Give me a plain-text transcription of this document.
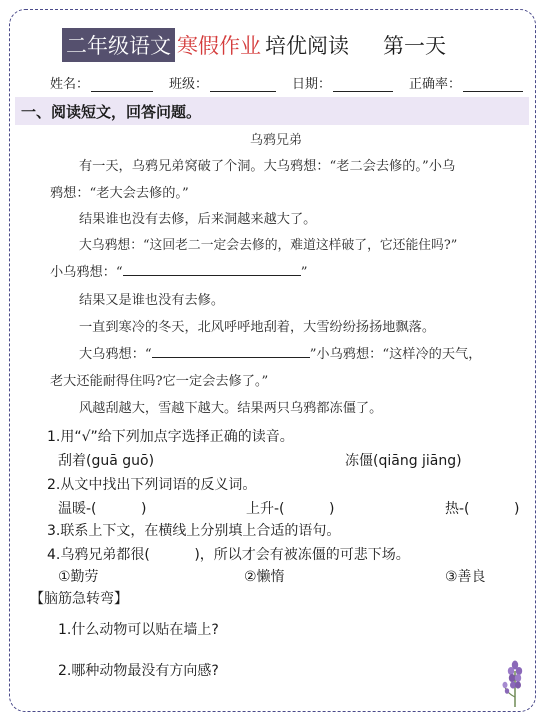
二年级语文 寒假作业 培优阅读 第一天
姓名：	班级：	日期：	正确率：
一、阅读短文，回答问题。
乌鸦兄弟
有一天，乌鸦兄弟窝破了个洞。大乌鸦想：“老二会去修的。”小乌
鸦想：“老大会去修的。”
结果谁也没有去修，后来洞越来越大了。
大乌鸦想：“这回老二一定会去修的，难道这样破了，它还能住吗?”
小乌鸦想：“	”
结果又是谁也没有去修。
一直到寒冷的冬天，北风呼呼地刮着，大雪纷纷扬扬地飘落。
大乌鸦想：“	”小乌鸦想：“这样冷的天气，
老大还能耐得住吗?它一定会去修了。”
风越刮越大，雪越下越大。结果两只乌鸦都冻僵了。
1.用“√”给下列加点字选择正确的读音。
刮着(guā guō)	冻僵(qiāng jiāng)
2.从文中找出下列词语的反义词。
温暖-(          )	上升-(          )	热-(          )
3.联系上下文，在横线上分别填上合适的语句。
4.乌鸦兄弟都很(          )，所以才会有被冻僵的可悲下场。
①勤劳	②懒惰	③善良
【脑筋急转弯】
1.什么动物可以贴在墙上?
2.哪种动物最没有方向感?
